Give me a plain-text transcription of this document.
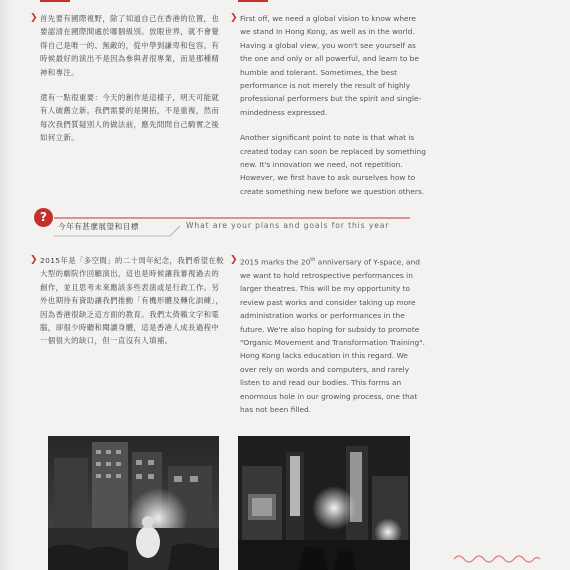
❯ 首先要有國際視野，除了知道自己在香港的位置，也要認清在國際間處於哪個級別。放眼世界，就不會覺得自己是唯一的、無敵的，從中學到謙卑和包容。有時候最好的演出不是因為參與者很專業，而是那種精神和專注。

還有一點很重要：今天的創作是這樣子，明天可能就有人破舊立新。我們需要的是開拓，不是重複，然而每次我們質疑別人的做法前，應先問問自己騎實之後如何立新。

❯ First off, we need a global vision to know where we stand in Hong Kong, as well as in the world. Having a global view, you won't see yourself as the one and only or all powerful, and learn to be humble and tolerant. Sometimes, the best performance is not merely the result of highly professional performers but the spirit and single-mindedness expressed.

Another significant point to note is that what is created today can soon be replaced by something new. It's innovation we need, not repetition. However, we first have to ask ourselves how to create something new before we question others.

?
今年有甚麼展望和目標	What are your plans and goals for this year
❯ 2015年是「多空間」的二十周年紀念，我們希望在較大型的劇院作回顧演出，這也是時候讓我審視過去的創作，並且思考未來應該多些表演或是行政工作。另外也期待有資助讓我們推動「有機形體及轉化訓練」，因為香港很缺乏這方面的教育。我們太倚賴文字和電腦，卻很少時聽和閱讀身體，這是香港人成長過程中一個很大的缺口，但一直沒有人填補。

❯ 2015 marks the 20th anniversary of Y-space, and we want to hold retrospective performances in larger theatres. This will be my opportunity to review past works and consider taking up more administration works or performances in the future. We're also hoping for subsidy to promote "Organic Movement and Transformation Training". Hong Kong lacks education in this regard. We over rely on words and computers, and rarely listen to and read our bodies. This forms an enormous hole in our growing process, one that has not been filled.
